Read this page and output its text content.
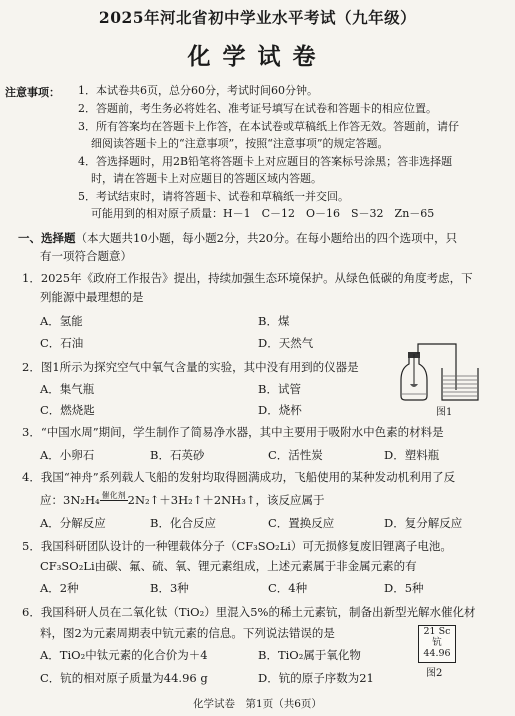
2025年河北省初中学业水平考试（九年级）
化学试卷
注意事项： 1．本试卷共6页，总分60分，考试时间60分钟。
2．答题前，考生务必将姓名、准考证号填写在试卷和答题卡的相应位置。
3．所有答案均在答题卡上作答，在本试卷或草稿纸上作答无效。答题前，请仔
细阅读答题卡上的“注意事项”，按照“注意事项”的规定答题。
4．答选择题时，用2B铅笔将答题卡上对应题目的答案标号涂黑；答非选择题
时，请在答题卡上对应题目的答题区域内答题。
5．考试结束时，请将答题卡、试卷和草稿纸一并交回。
可能用到的相对原子质量：H－1　C－12　O－16　S－32　Zn－65
一、选择题（本大题共10小题，每小题2分，共20分。在每小题给出的四个选项中，只
有一项符合题意）
1．2025年《政府工作报告》提出，持续加强生态环境保护。从绿色低碳的角度考虑，下
列能源中最理想的是
A．氢能	B．煤
C．石油	D．天然气
2．图1所示为探究空气中氧气含量的实验，其中没有用到的仪器是
A．集气瓶	B．试管
C．燃烧匙	D．烧杯	图1
3．“中国水周”期间，学生制作了简易净水器，其中主要用于吸附水中色素的材料是
A．小卵石	B．石英砂	C．活性炭	D．塑料瓶
4．我国“神舟”系列载人飞船的发射均取得圆满成功，飞船使用的某种发动机利用了反
应：3N₂H₄ 催化剂 2N₂↑＋3H₂↑＋2NH₃↑，该反应属于
A．分解反应	B．化合反应	C．置换反应	D．复分解反应
5．我国科研团队设计的一种锂载体分子（CF₃SO₂Li）可无损修复废旧锂离子电池。
CF₃SO₂Li由碳、氟、硫、氧、锂元素组成，上述元素属于非金属元素的有
A．2种	B．3种	C．4种	D．5种
6．我国科研人员在二氧化钛（TiO₂）里混入5%的稀土元素钪，制备出新型光解水催化材
料，图2为元素周期表中钪元素的信息。下列说法错误的是
A．TiO₂中钛元素的化合价为＋4	B．TiO₂属于氧化物
C．钪的相对原子质量为44.96 g	D．钪的原子序数为21
21 Sc
钪
44.96
图2
化学试卷　第1页（共6页）
